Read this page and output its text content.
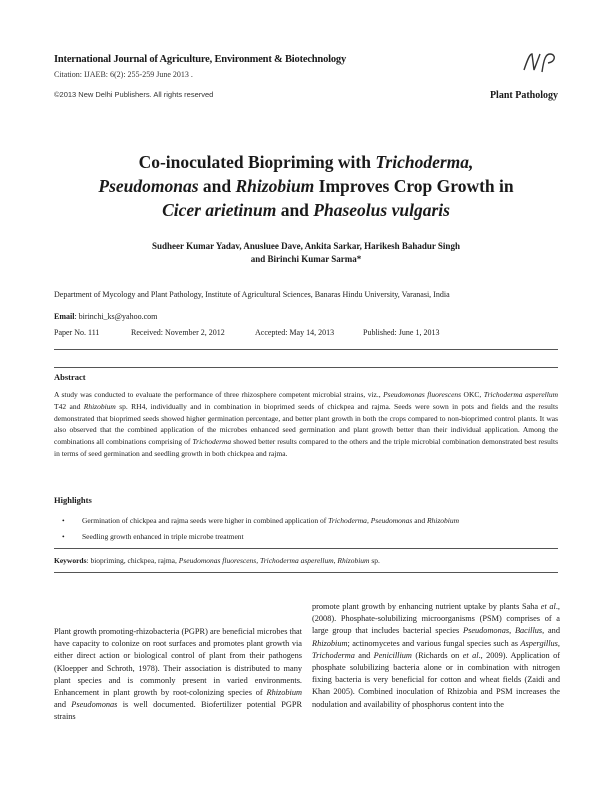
International Journal of Agriculture, Environment & Biotechnology
Citation: IJAEB: 6(2): 255-259 June 2013 .
©2013 New Delhi Publishers. All rights reserved
NP
Plant Pathology
Co-inoculated Biopriming with Trichoderma,
Pseudomonas and Rhizobium Improves Crop Growth in
Cicer arietinum and Phaseolus vulgaris
Sudheer Kumar Yadav, Anusluee Dave, Ankita Sarkar, Harikesh Bahadur Singh
and Birinchi Kumar Sarma*
Department of Mycology and Plant Pathology, Institute of Agricultural Sciences, Banaras Hindu University, Varanasi, India
Email: birinchi_ks@yahoo.com
Paper No. 111	Received: November 2, 2012	Accepted: May 14, 2013	Published: June 1, 2013
Abstract
A study was conducted to evaluate the performance of three rhizosphere competent microbial strains, viz., Pseudomonas fluorescens OKC, Trichoderma asperellum T42 and Rhizobium sp. RH4, individually and in combination in bioprimed seeds of chickpea and rajma. Seeds were sown in pots and fields and the results demonstrated that bioprimed seeds showed higher germination percentage, and better plant growth in both the crops compared to non-bioprimed control plants. It was also observed that the combined application of the microbes enhanced seed germination and plant growth better than their individual application. Among the combinations all combinations comprising of Trichoderma showed better results compared to the others and the triple microbial combination demonstrated best results in terms of seed germination and seedling growth in both chickpea and rajma.
Highlights
• Germination of chickpea and rajma seeds were higher in combined application of Trichoderma, Pseudomonas and Rhizobium
• Seedling growth enhanced in triple microbe treatment
Keywords: biopriming, chickpea, rajma, Pseudomonas fluorescens, Trichoderma asperellum, Rhizobium sp.
Plant growth promoting-rhizobacteria (PGPR) are beneficial microbes that have capacity to colonize on root surfaces and promotes plant growth via either direct action or biological control of plant from their pathogens (Kloepper and Schroth, 1978). Their association is distributed to many plant species and is commonly present in varied environments. Enhancement in plant growth by root-colonizing species of Rhizobium and Pseudomonas is well documented. Biofertilizer potential PGPR strains
promote plant growth by enhancing nutrient uptake by plants Saha et al., (2008). Phosphate-solubilizing microorganisms (PSM) comprises of a large group that includes bacterial species Pseudomonas, Bacillus, and Rhizobium; actinomycetes and various fungal species such as Aspergillus, Trichoderma and Penicillium (Richards on et al., 2009). Application of phosphate solubilizing bacteria alone or in combination with nitrogen fixing bacteria is very beneficial for cotton and wheat fields (Zaidi and Khan 2005). Combined inoculation of Rhizobia and PSM increases the nodulation and availability of phosphorus content into the
